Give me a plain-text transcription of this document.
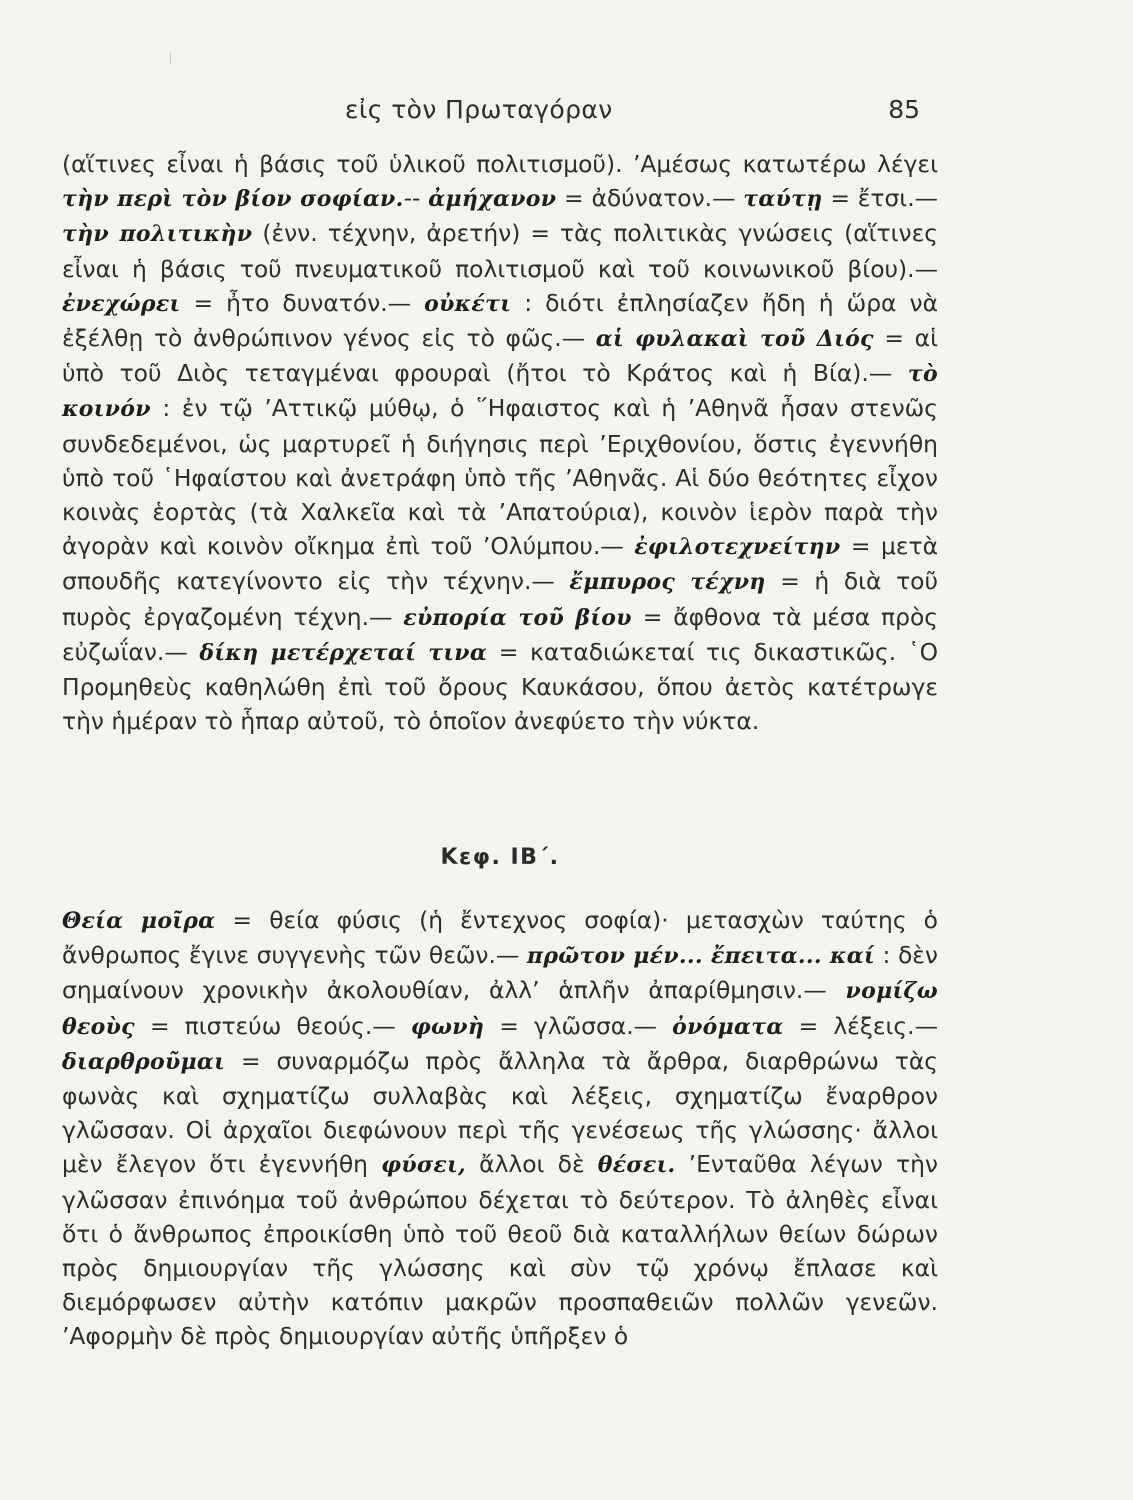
εἰς τὸν Πρωταγόραν	85

(αἵτινες εἶναι ἡ βάσις τοῦ ὑλικοῦ πολιτισμοῦ). ’Αμέσως κατωτέρω λέγει τὴν περὶ τὸν βίον σοφίαν.-- ἀμήχανον = ἀδύνατον.— ταύτῃ = ἔτσι.— τὴν πολιτικὴν (ἐνν. τέχνην, ἀρετήν) = τὰς πολιτικὰς γνώσεις (αἵτινες εἶναι ἡ βάσις τοῦ πνευματικοῦ πολιτισμοῦ καὶ τοῦ κοινωνικοῦ βίου).— ἐνεχώρει = ἦτο δυνατόν.— οὐκέτι : διότι ἐπλησίαζεν ἤδη ἡ ὥρα νὰ ἐξέλθῃ τὸ ἀνθρώπινον γένος εἰς τὸ φῶς.— αἱ φυλακαὶ τοῦ Διός = αἱ ὑπὸ τοῦ Διὸς τεταγμέναι φρουραὶ (ἤτοι τὸ Κράτος καὶ ἡ Βία).— τὸ κοινόν : ἐν τῷ ’Αττικῷ μύθῳ, ὁ ῞Ηφαιστος καὶ ἡ ’Αθηνᾶ ἦσαν στενῶς συνδεδεμένοι, ὡς μαρτυρεῖ ἡ διήγησις περὶ ’Εριχθονίου, ὅστις ἐγεννήθη ὑπὸ τοῦ ῾Ηφαίστου καὶ ἀνετράφη ὑπὸ τῆς ’Αθηνᾶς. Αἱ δύο θεότητες εἶχον κοινὰς ἑορτὰς (τὰ Χαλκεῖα καὶ τὰ ’Απατούρια), κοινὸν ἱερὸν παρὰ τὴν ἀγορὰν καὶ κοινὸν οἴκημα ἐπὶ τοῦ ’Ολύμπου.— ἐφιλοτεχνείτην = μετὰ σπουδῆς κατεγίνοντο εἰς τὴν τέχνην.— ἔμπυρος τέχνη = ἡ διὰ τοῦ πυρὸς ἐργαζομένη τέχνη.— εὐπορία τοῦ βίου = ἄφθονα τὰ μέσα πρὸς εὐζωΐαν.— δίκη μετέρχεταί τινα = καταδιώκεταί τις δικαστικῶς. ῾Ο Προμηθεὺς καθηλώθη ἐπὶ τοῦ ὄρους Καυκάσου, ὅπου ἀετὸς κατέτρωγε τὴν ἡμέραν τὸ ἧπαρ αὐτοῦ, τὸ ὁποῖον ἀνεφύετο τὴν νύκτα.

Κεφ. ΙΒ΄.

Θεία μοῖρα = θεία φύσις (ἡ ἔντεχνος σοφία)· μετασχὼν ταύτης ὁ ἄνθρωπος ἔγινε συγγενὴς τῶν θεῶν.— πρῶτον μέν... ἔπειτα... καί : δὲν σημαίνουν χρονικὴν ἀκολουθίαν, ἀλλ’ ἁπλῆν ἀπαρίθμησιν.— νομίζω θεοὺς = πιστεύω θεούς.— φωνὴ = γλῶσσα.— ὀνόματα = λέξεις.— διαρθροῦμαι = συναρμόζω πρὸς ἄλληλα τὰ ἄρθρα, διαρθρώνω τὰς φωνὰς καὶ σχηματίζω συλλαβὰς καὶ λέξεις, σχηματίζω ἔναρθρον γλῶσσαν. Οἱ ἀρχαῖοι διεφώνουν περὶ τῆς γενέσεως τῆς γλώσσης· ἄλλοι μὲν ἔλεγον ὅτι ἐγεννήθη φύσει, ἄλλοι δὲ θέσει. ’Ενταῦθα λέγων τὴν γλῶσσαν ἐπινόημα τοῦ ἀνθρώπου δέχεται τὸ δεύτερον. Τὸ ἀληθὲς εἶναι ὅτι ὁ ἄνθρωπος ἐπροικίσθη ὑπὸ τοῦ θεοῦ διὰ καταλλήλων θείων δώρων πρὸς δημιουργίαν τῆς γλώσσης καὶ σὺν τῷ χρόνῳ ἔπλασε καὶ διεμόρφωσεν αὐτὴν κατόπιν μακρῶν προσπαθειῶν πολλῶν γενεῶν. ’Αφορμὴν δὲ πρὸς δημιουργίαν αὐτῆς ὑπῆρξεν ὁ
